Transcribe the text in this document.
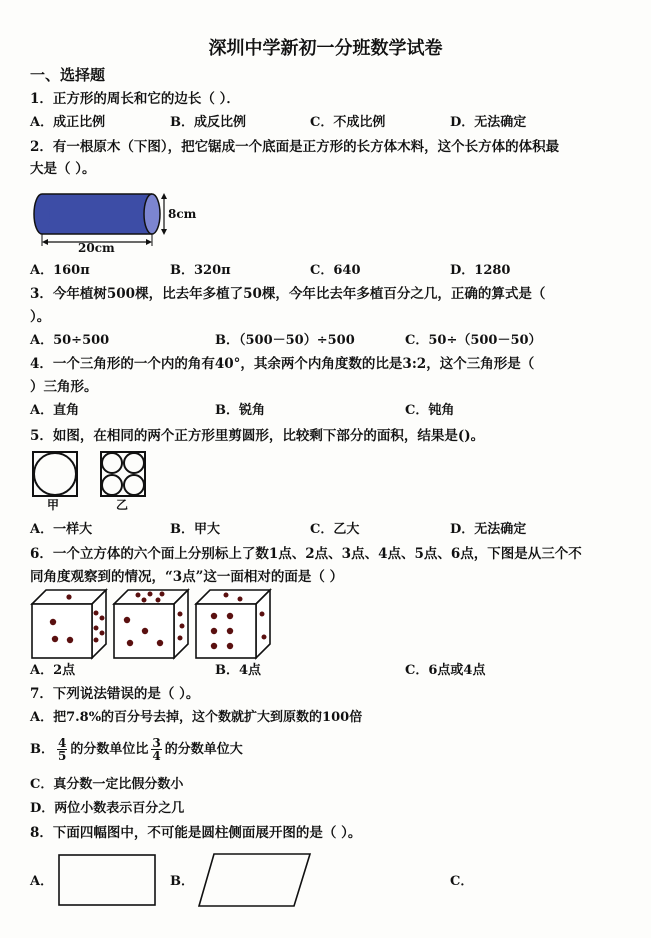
深圳中学新初一分班数学试卷
一、选择题
1．正方形的周长和它的边长（ ）．
A．成正比例	B．成反比例	C．不成比例	D．无法确定
2．有一根原木（下图），把它锯成一个底面是正方形的长方体木料，这个长方体的体积最
大是（ ）。
8cm
20cm
A．160π	B．320π	C．640	D．1280
3．今年植树500棵，比去年多植了50棵，今年比去年多植百分之几，正确的算式是（
）。
A．50÷500	B．（500－50）÷500	C．50÷（500－50）
4．一个三角形的一个内的角有40°，其余两个内角度数的比是3:2，这个三角形是（
）三角形。
A．直角	B．锐角	C．钝角
5．如图，在相同的两个正方形里剪圆形，比较剩下部分的面积，结果是()。
甲	乙
A．一样大	B．甲大	C．乙大	D．无法确定
6．一个立方体的六个面上分别标上了数1点、2点、3点、4点、5点、6点，下图是从三个不
同角度观察到的情况，“3点”这一面相对的面是（ ）
A．2点	B．4点	C．6点或4点
7．下列说法错误的是（ ）。
A．把7.8%的百分号去掉，这个数就扩大到原数的100倍
B． $\frac{4}{5}$ 的分数单位比 $\frac{3}{4}$ 的分数单位大
C．真分数一定比假分数小
D．两位小数表示百分之几
8．下面四幅图中，不可能是圆柱侧面展开图的是（ ）。
A．	B．	C．
